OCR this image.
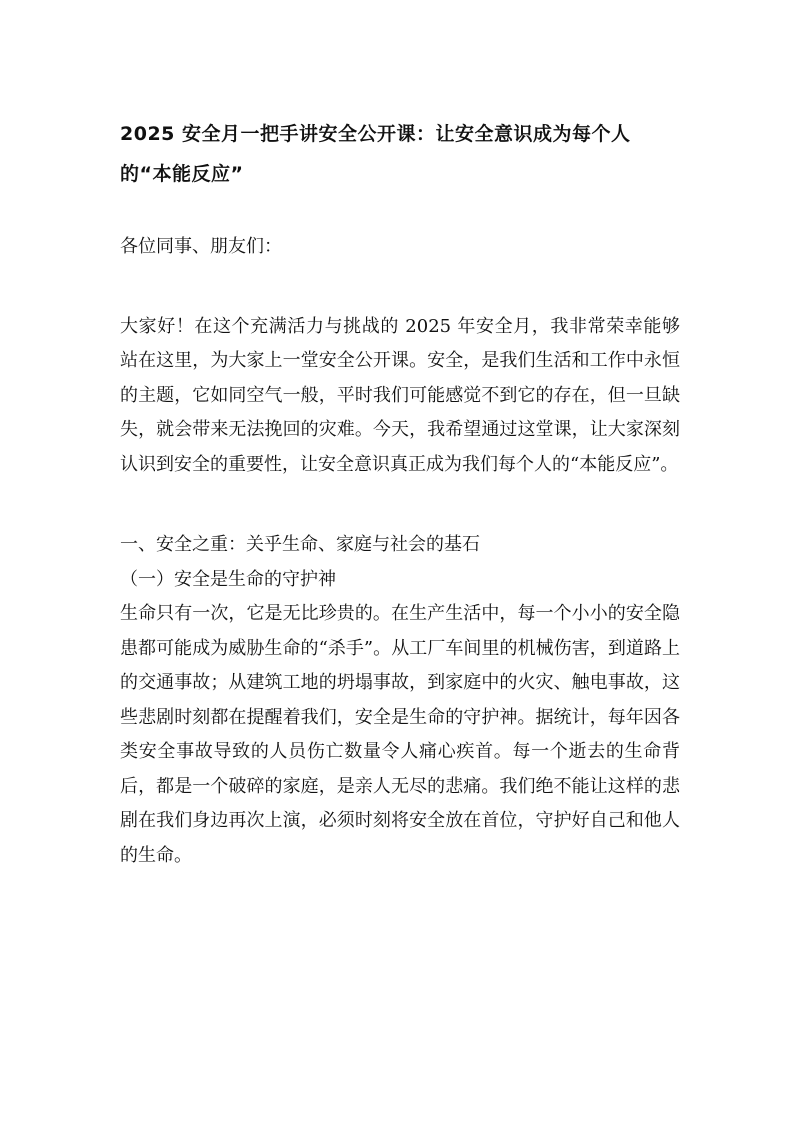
2025 安全月一把手讲安全公开课：让安全意识成为每个人的“本能反应”

各位同事、朋友们：

大家好！在这个充满活力与挑战的 2025 年安全月，我非常荣幸能够站在这里，为大家上一堂安全公开课。安全，是我们生活和工作中永恒的主题，它如同空气一般，平时我们可能感觉不到它的存在，但一旦缺失，就会带来无法挽回的灾难。今天，我希望通过这堂课，让大家深刻认识到安全的重要性，让安全意识真正成为我们每个人的“本能反应”。

一、安全之重：关乎生命、家庭与社会的基石

（一）安全是生命的守护神

生命只有一次，它是无比珍贵的。在生产生活中，每一个小小的安全隐患都可能成为威胁生命的“杀手”。从工厂车间里的机械伤害，到道路上的交通事故；从建筑工地的坍塌事故，到家庭中的火灾、触电事故，这些悲剧时刻都在提醒着我们，安全是生命的守护神。据统计，每年因各类安全事故导致的人员伤亡数量令人痛心疾首。每一个逝去的生命背后，都是一个破碎的家庭，是亲人无尽的悲痛。我们绝不能让这样的悲剧在我们身边再次上演，必须时刻将安全放在首位，守护好自己和他人的生命。
